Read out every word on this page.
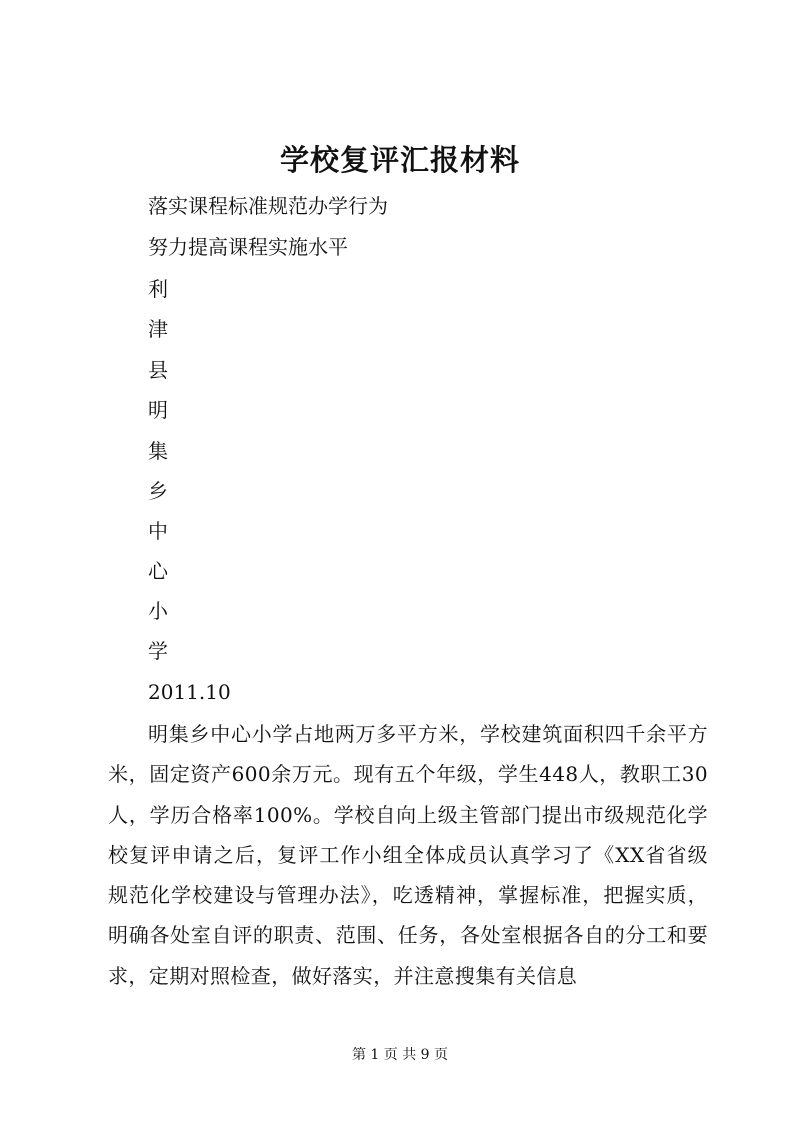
学校复评汇报材料
落实课程标准规范办学行为
努力提高课程实施水平
利
津
县
明
集
乡
中
心
小
学
2011.10
明集乡中心小学占地两万多平方米，学校建筑面积四千余平方米，固定资产600余万元。现有五个年级，学生448人，教职工30人，学历合格率100%。学校自向上级主管部门提出市级规范化学校复评申请之后，复评工作小组全体成员认真学习了《XX省省级规范化学校建设与管理办法》，吃透精神，掌握标准，把握实质，明确各处室自评的职责、范围、任务，各处室根据各自的分工和要求，定期对照检查，做好落实，并注意搜集有关信息
第 1 页 共 9 页
